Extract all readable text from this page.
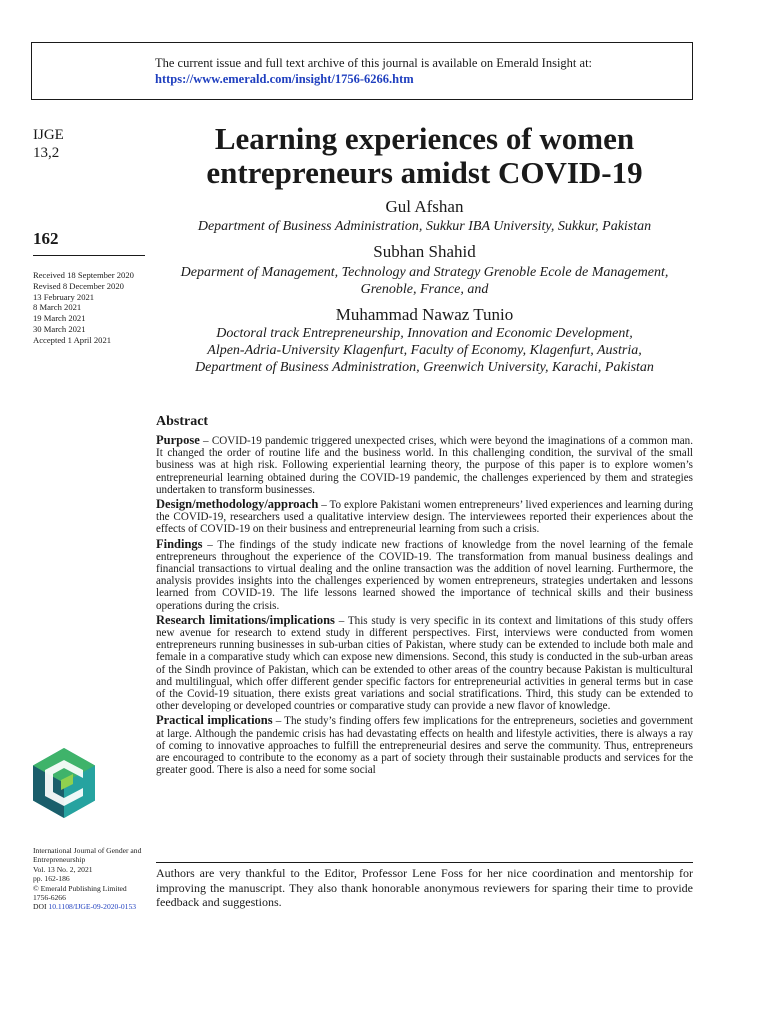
The current issue and full text archive of this journal is available on Emerald Insight at:
https://www.emerald.com/insight/1756-6266.htm
IJGE
13,2
162
Received 18 September 2020
Revised 8 December 2020
13 February 2021
8 March 2021
19 March 2021
30 March 2021
Accepted 1 April 2021
International Journal of Gender and Entrepreneurship
Vol. 13 No. 2, 2021
pp. 162-186
© Emerald Publishing Limited
1756-6266
DOI 10.1108/IJGE-09-2020-0153
Learning experiences of women
entrepreneurs amidst COVID-19
Gul Afshan
Department of Business Administration, Sukkur IBA University, Sukkur, Pakistan
Subhan Shahid
Deparment of Management, Technology and Strategy Grenoble Ecole de Management,
Grenoble, France, and
Muhammad Nawaz Tunio
Doctoral track Entrepreneurship, Innovation and Economic Development,
Alpen-Adria-University Klagenfurt, Faculty of Economy, Klagenfurt, Austria,
Department of Business Administration, Greenwich University, Karachi, Pakistan
Abstract

Purpose – COVID-19 pandemic triggered unexpected crises, which were beyond the imaginations of a common man. It changed the order of routine life and the business world. In this challenging condition, the survival of the small business was at high risk. Following experiential learning theory, the purpose of this paper is to explore women’s entrepreneurial learning obtained during the COVID-19 pandemic, the challenges experienced by them and strategies undertaken to transform businesses.

Design/methodology/approach – To explore Pakistani women entrepreneurs’ lived experiences and learning during the COVID-19, researchers used a qualitative interview design. The interviewees reported their experiences about the effects of COVID-19 on their business and entrepreneurial learning from such a crisis.

Findings – The findings of the study indicate new fractions of knowledge from the novel learning of the female entrepreneurs throughout the experience of the COVID-19. The transformation from manual business dealings and financial transactions to virtual dealing and the online transaction was the addition of novel learning. Furthermore, the analysis provides insights into the challenges experienced by women entrepreneurs, strategies undertaken and lessons learned from COVID-19. The life lessons learned showed the importance of technical skills and their business operations during the crisis.

Research limitations/implications – This study is very specific in its context and limitations of this study offers new avenue for research to extend study in different perspectives. First, interviews were conducted from women entrepreneurs running businesses in sub-urban cities of Pakistan, where study can be extended to include both male and female in a comparative study which can expose new dimensions. Second, this study is conducted in the sub-urban areas of the Sindh province of Pakistan, which can be extended to other areas of the country because Pakistan is multicultural and multilingual, which offer different gender specific factors for entrepreneurial activities in general terms but in case of the Covid-19 situation, there exists great variations and social stratifications. Third, this study can be extended to other developing or developed countries or comparative study can provide a new flavor of knowledge.

Practical implications – The study’s finding offers few implications for the entrepreneurs, societies and government at large. Although the pandemic crisis has had devastating effects on health and lifestyle activities, there is always a ray of coming to innovative approaches to fulfill the entrepreneurial desires and serve the community. Thus, entrepreneurs are encouraged to contribute to the economy as a part of society through their sustainable products and services for the greater good. There is also a need for some social

Authors are very thankful to the Editor, Professor Lene Foss for her nice coordination and mentorship for improving the manuscript. They also thank honorable anonymous reviewers for sparing their time to provide feedback and suggestions.
